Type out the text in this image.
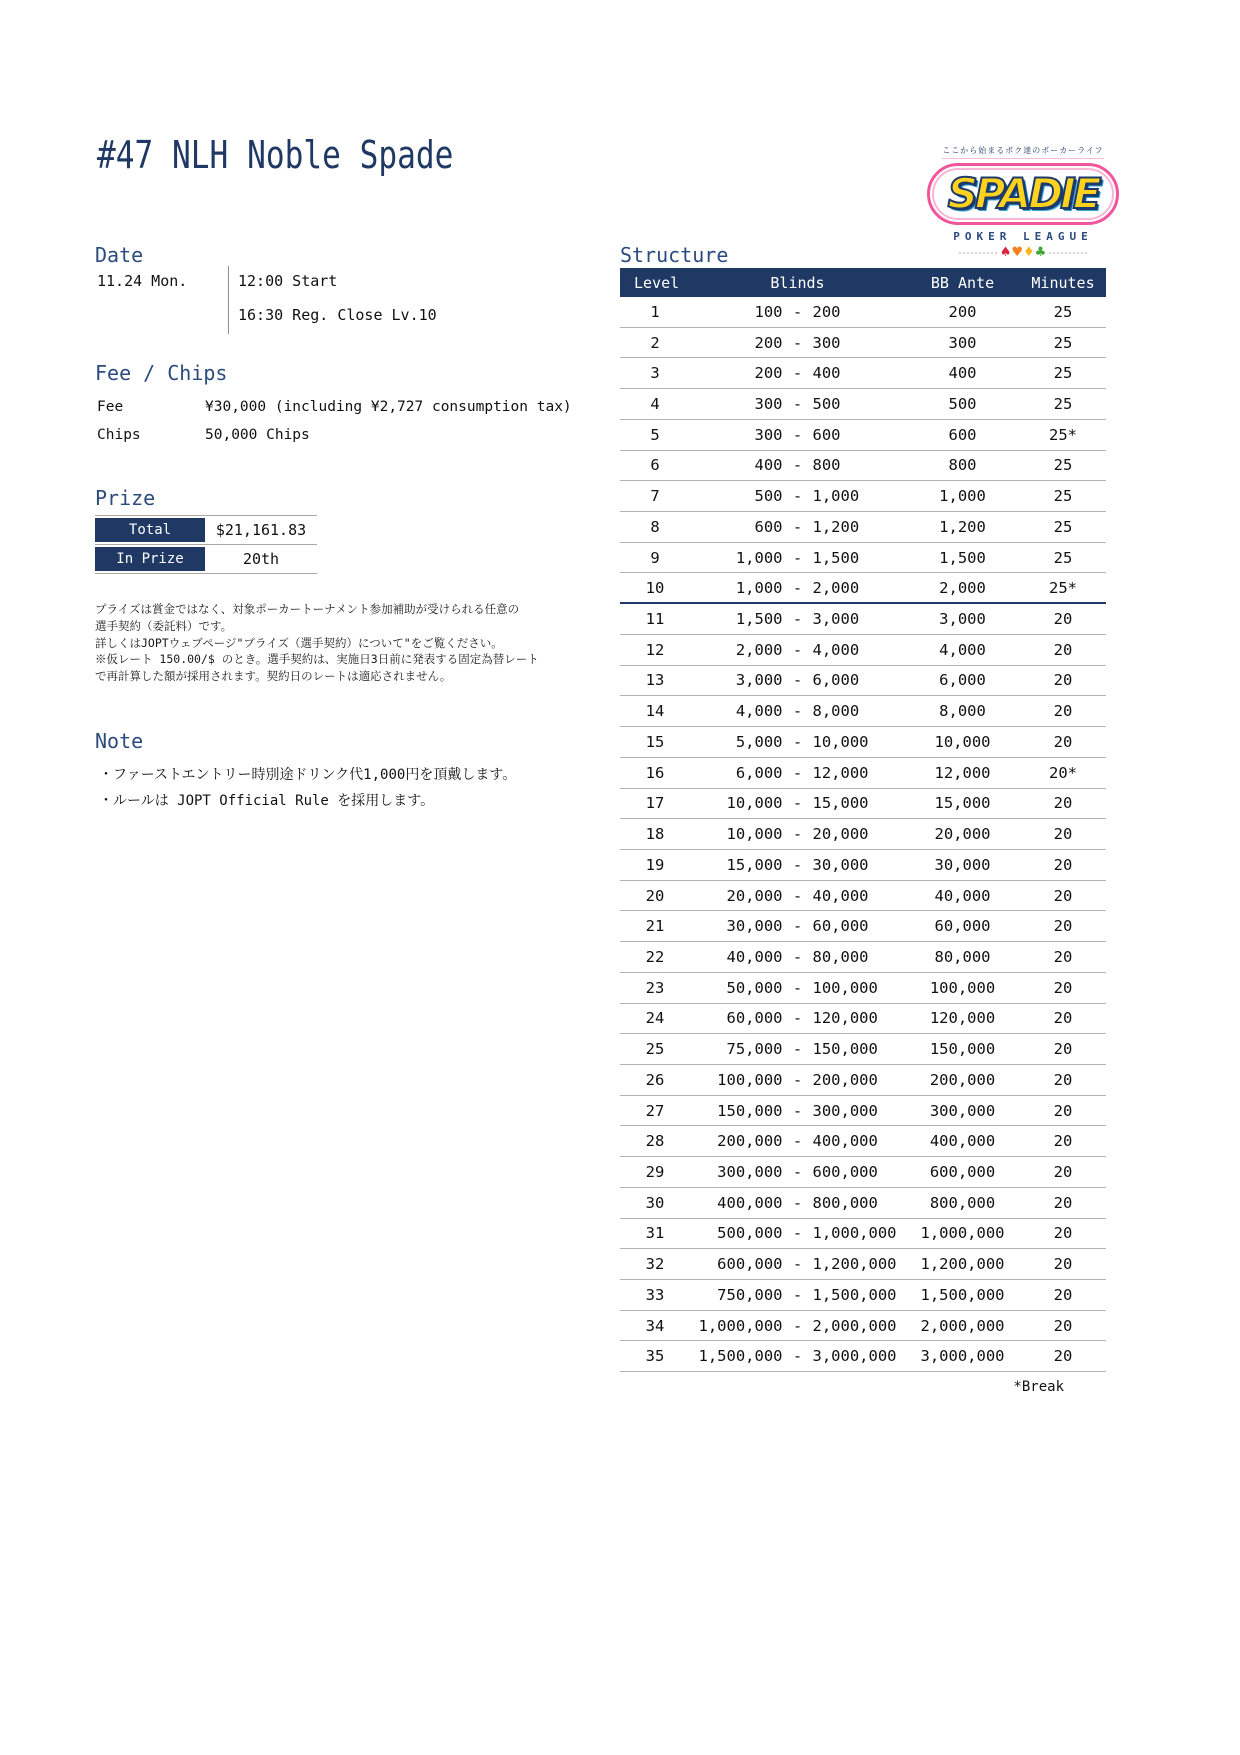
#47 NLH Noble Spade	ここから始まるボク達のポーカーライフ
SPADIE
POKER LEAGUE
♠♥♦♣
Date
11.24 Mon.	12:00 Start
16:30 Reg. Close Lv.10
Fee / Chips
Fee	¥30,000 (including ¥2,727 consumption tax)
Chips	50,000 Chips
Prize
Total	$21,161.83
In Prize	20th
プライズは賞金ではなく、対象ポーカートーナメント参加補助が受けられる任意の
選手契約（委託料）です。
詳しくはJOPTウェブページ"プライズ（選手契約）について"をご覧ください。
※仮レート 150.00/$ のとき。選手契約は、実施日3日前に発表する固定為替レート
で再計算した額が採用されます。契約日のレートは適応されません。
Note
・ファーストエントリー時別途ドリンク代1,000円を頂戴します。
・ルールは JOPT Official Rule を採用します。
Structure
Level	Blinds	BB Ante	Minutes
1	100 - 200	200	25
2	200 - 300	300	25
3	200 - 400	400	25
4	300 - 500	500	25
5	300 - 600	600	25*
6	400 - 800	800	25
7	500 - 1,000	1,000	25
8	600 - 1,200	1,200	25
9	1,000 - 1,500	1,500	25
10	1,000 - 2,000	2,000	25*
11	1,500 - 3,000	3,000	20
12	2,000 - 4,000	4,000	20
13	3,000 - 6,000	6,000	20
14	4,000 - 8,000	8,000	20
15	5,000 - 10,000	10,000	20
16	6,000 - 12,000	12,000	20*
17	10,000 - 15,000	15,000	20
18	10,000 - 20,000	20,000	20
19	15,000 - 30,000	30,000	20
20	20,000 - 40,000	40,000	20
21	30,000 - 60,000	60,000	20
22	40,000 - 80,000	80,000	20
23	50,000 - 100,000	100,000	20
24	60,000 - 120,000	120,000	20
25	75,000 - 150,000	150,000	20
26	100,000 - 200,000	200,000	20
27	150,000 - 300,000	300,000	20
28	200,000 - 400,000	400,000	20
29	300,000 - 600,000	600,000	20
30	400,000 - 800,000	800,000	20
31	500,000 - 1,000,000	1,000,000	20
32	600,000 - 1,200,000	1,200,000	20
33	750,000 - 1,500,000	1,500,000	20
34	1,000,000 - 2,000,000	2,000,000	20
35	1,500,000 - 3,000,000	3,000,000	20
*Break
